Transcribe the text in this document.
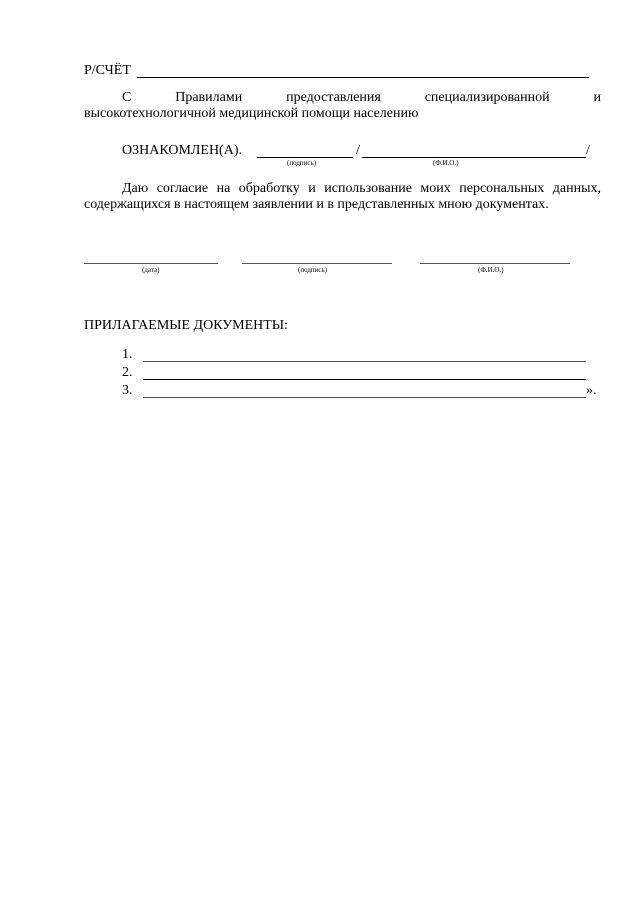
Р/СЧЁТ
С	Правилами	предоставления	специализированной	и
высокотехнологичной медицинской помощи населению
ОЗНАКОМЛЕН(А).	/	/
(подпись)	(Ф.И.О.)
Даю согласие на обработку и использование моих персональных данных,
содержащихся в настоящем заявлении и в представленных мною документах.
(дата)	(подпись)	(Ф.И.О.)
ПРИЛАГАЕМЫЕ ДОКУМЕНТЫ:
1.
2.
3.	».
